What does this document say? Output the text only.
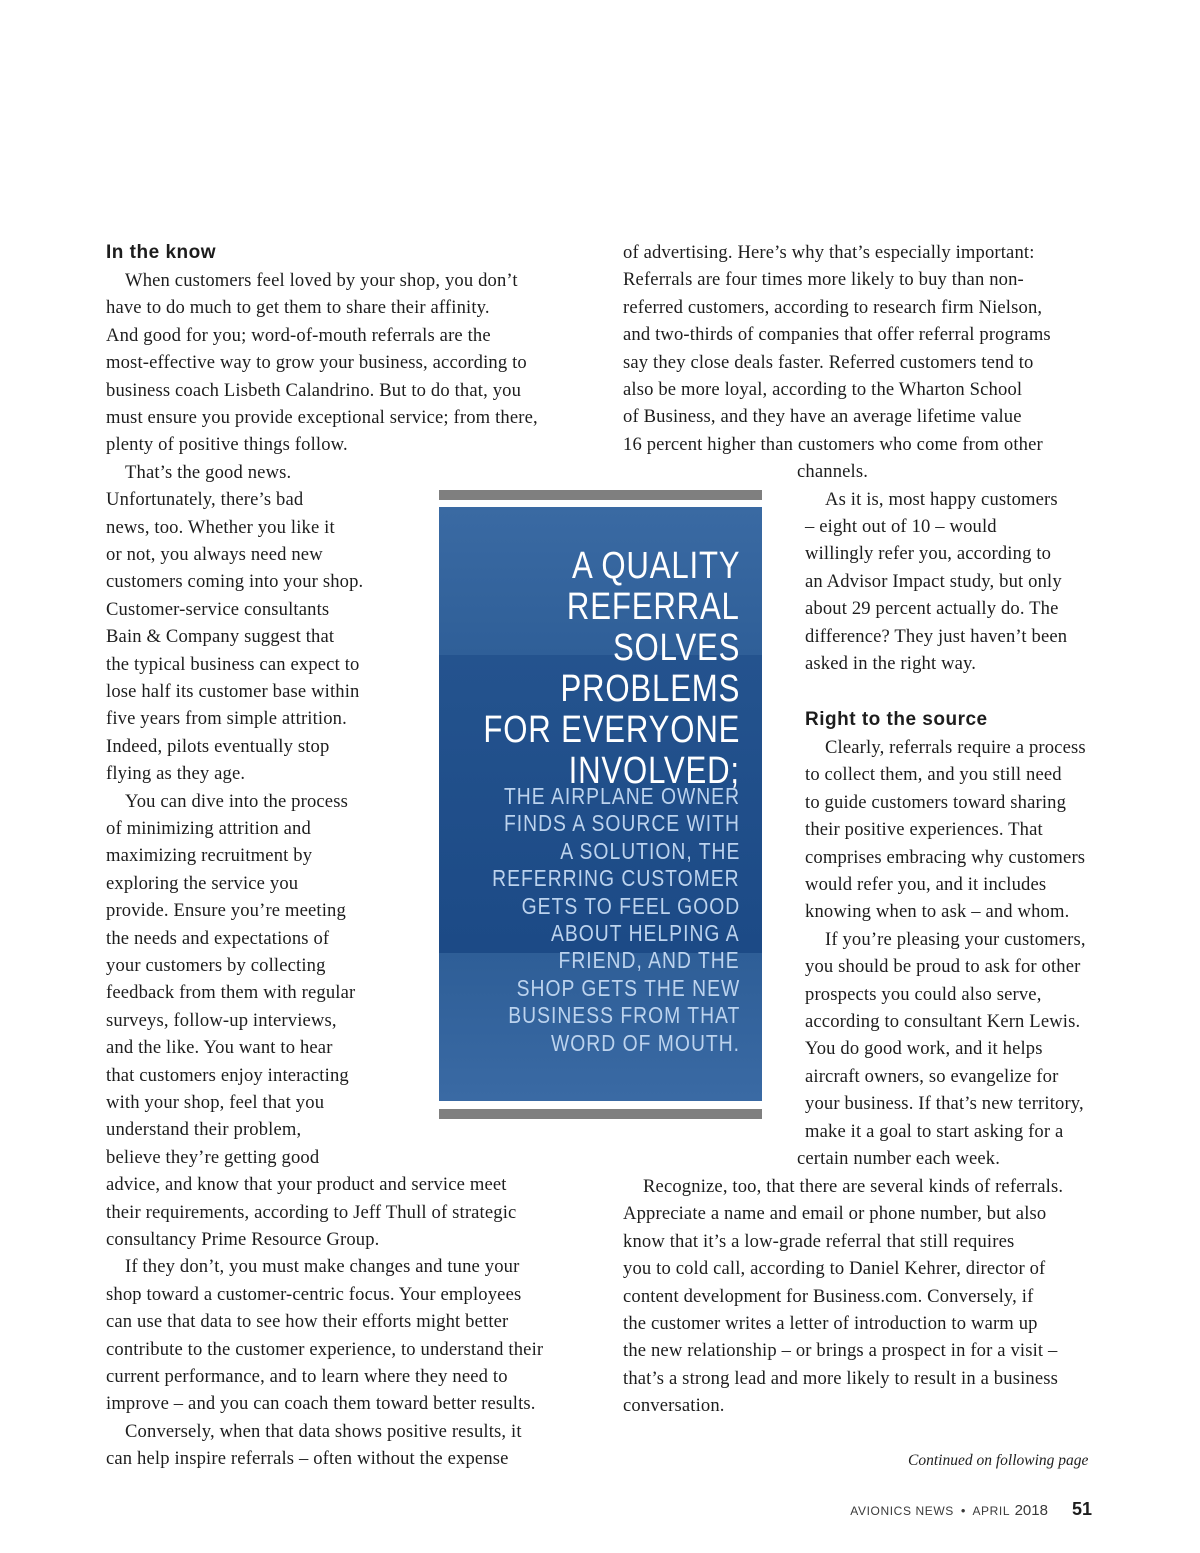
In the know
When customers feel loved by your shop, you don’t
have to do much to get them to share their affinity.
And good for you; word-of-mouth referrals are the
most-effective way to grow your business, according to
business coach Lisbeth Calandrino. But to do that, you
must ensure you provide exceptional service; from there,
plenty of positive things follow.
That’s the good news.
Unfortunately, there’s bad
news, too. Whether you like it
or not, you always need new
customers coming into your shop.
Customer-service consultants
Bain & Company suggest that
the typical business can expect to
lose half its customer base within
five years from simple attrition.
Indeed, pilots eventually stop
flying as they age.
You can dive into the process
of minimizing attrition and
maximizing recruitment by
exploring the service you
provide. Ensure you’re meeting
the needs and expectations of
your customers by collecting
feedback from them with regular
surveys, follow-up interviews,
and the like. You want to hear
that customers enjoy interacting
with your shop, feel that you
understand their problem,
believe they’re getting good
advice, and know that your product and service meet
their requirements, according to Jeff Thull of strategic
consultancy Prime Resource Group.
If they don’t, you must make changes and tune your
shop toward a customer-centric focus. Your employees
can use that data to see how their efforts might better
contribute to the customer experience, to understand their
current performance, and to learn where they need to
improve – and you can coach them toward better results.
Conversely, when that data shows positive results, it
can help inspire referrals – often without the expense
A QUALITY
REFERRAL
SOLVES
PROBLEMS
FOR EVERYONE
INVOLVED;
THE AIRPLANE OWNER
FINDS A SOURCE WITH
A SOLUTION, THE
REFERRING CUSTOMER
GETS TO FEEL GOOD
ABOUT HELPING A
FRIEND, AND THE
SHOP GETS THE NEW
BUSINESS FROM THAT
WORD OF MOUTH.
of advertising. Here’s why that’s especially important:
Referrals are four times more likely to buy than non-
referred customers, according to research firm Nielson,
and two-thirds of companies that offer referral programs
say they close deals faster. Referred customers tend to
also be more loyal, according to the Wharton School
of Business, and they have an average lifetime value
16 percent higher than customers who come from other
channels.
As it is, most happy customers
– eight out of 10 – would
willingly refer you, according to
an Advisor Impact study, but only
about 29 percent actually do. The
difference? They just haven’t been
asked in the right way.
Right to the source
Clearly, referrals require a process
to collect them, and you still need
to guide customers toward sharing
their positive experiences. That
comprises embracing why customers
would refer you, and it includes
knowing when to ask – and whom.
If you’re pleasing your customers,
you should be proud to ask for other
prospects you could also serve,
according to consultant Kern Lewis.
You do good work, and it helps
aircraft owners, so evangelize for
your business. If that’s new territory,
make it a goal to start asking for a
certain number each week.
Recognize, too, that there are several kinds of referrals.
Appreciate a name and email or phone number, but also
know that it’s a low-grade referral that still requires
you to cold call, according to Daniel Kehrer, director of
content development for Business.com. Conversely, if
the customer writes a letter of introduction to warm up
the new relationship – or brings a prospect in for a visit –
that’s a strong lead and more likely to result in a business
conversation.
Continued on following page
AVIONICS NEWS • APRIL 2018 51
